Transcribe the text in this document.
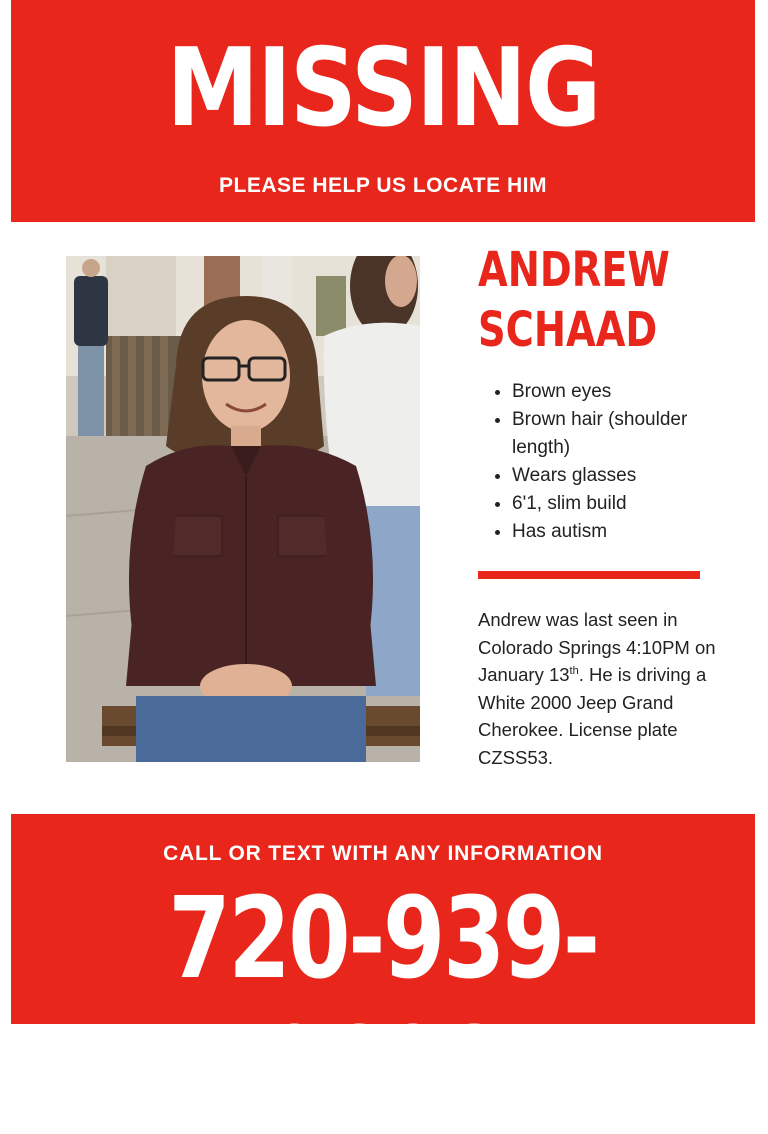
MISSING
PLEASE HELP US LOCATE HIM
ANDREW
SCHAAD
• Brown eyes
• Brown hair (shoulder length)
• Wears glasses
• 6'1, slim build
• Has autism
Andrew was last seen in Colorado Springs 4:10PM on January 13th. He is driving a White 2000 Jeep Grand Cherokee. License plate CZSS53.
CALL OR TEXT WITH ANY INFORMATION
720-939-0698
